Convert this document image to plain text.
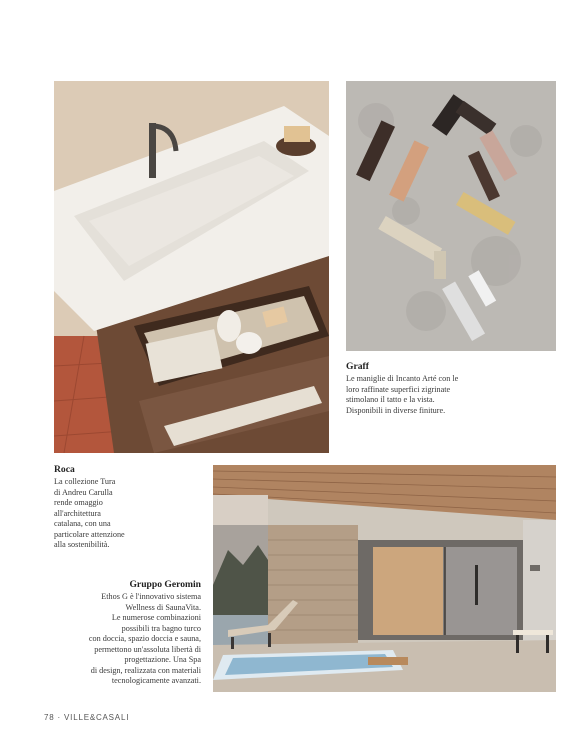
Graff
Le maniglie di Incanto Arté con le
loro raffinate superfici zigrinate
stimolano il tatto e la vista.
Disponibili in diverse finiture.
Roca
La collezione Tura
di Andreu Carulla
rende omaggio
all'architettura
catalana, con una
particolare attenzione
alla sostenibilità.
Gruppo Geromin
Ethos G è l'innovativo sistema
Wellness di SaunaVita.
Le numerose combinazioni
possibili tra bagno turco
con doccia, spazio doccia e sauna,
permettono un'assoluta libertà di
progettazione. Una Spa
di design, realizzata con materiali
tecnologicamente avanzati.
78 · VILLE&CASALI
